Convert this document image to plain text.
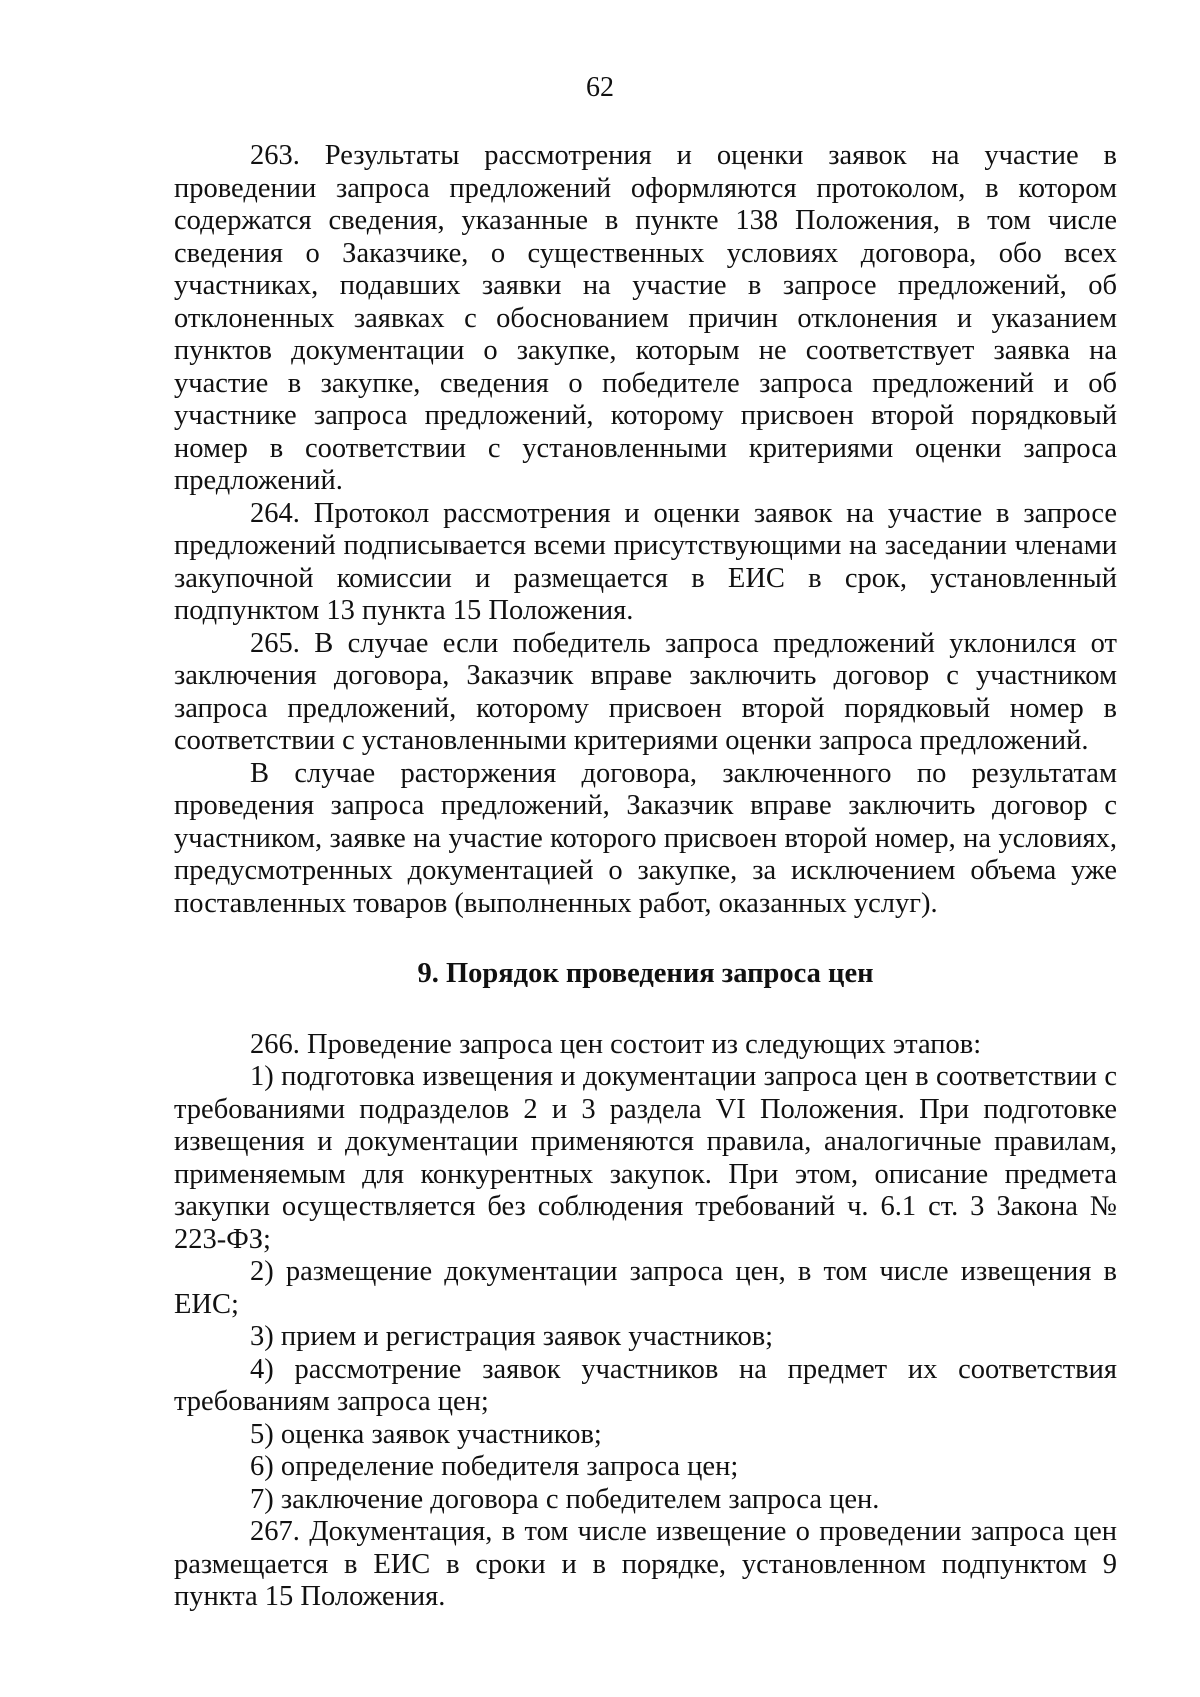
62

263. Результаты рассмотрения и оценки заявок на участие в проведении запроса предложений оформляются протоколом, в котором содержатся сведения, указанные в пункте 138 Положения, в том числе сведения о Заказчике, о существенных условиях договора, обо всех участниках, подавших заявки на участие в запросе предложений, об отклоненных заявках с обоснованием причин отклонения и указанием пунктов документации о закупке, которым не соответствует заявка на участие в закупке, сведения о победителе запроса предложений и об участнике запроса предложений, которому присвоен второй порядковый номер в соответствии с установленными критериями оценки запроса предложений.

264. Протокол рассмотрения и оценки заявок на участие в запросе предложений подписывается всеми присутствующими на заседании членами закупочной комиссии и размещается в ЕИС в срок, установленный подпунктом 13 пункта 15 Положения.

265. В случае если победитель запроса предложений уклонился от заключения договора, Заказчик вправе заключить договор с участником запроса предложений, которому присвоен второй порядковый номер в соответствии с установленными критериями оценки запроса предложений.

В случае расторжения договора, заключенного по результатам проведения запроса предложений, Заказчик вправе заключить договор с участником, заявке на участие которого присвоен второй номер, на условиях, предусмотренных документацией о закупке, за исключением объема уже поставленных товаров (выполненных работ, оказанных услуг).

9. Порядок проведения запроса цен

266. Проведение запроса цен состоит из следующих этапов:

1) подготовка извещения и документации запроса цен в соответствии с требованиями подразделов 2 и 3 раздела VI Положения. При подготовке извещения и документации применяются правила, аналогичные правилам, применяемым для конкурентных закупок. При этом, описание предмета закупки осуществляется без соблюдения требований ч. 6.1 ст. 3 Закона № 223-ФЗ;

2) размещение документации запроса цен, в том числе извещения в ЕИС;

3) прием и регистрация заявок участников;

4) рассмотрение заявок участников на предмет их соответствия требованиям запроса цен;

5) оценка заявок участников;

6) определение победителя запроса цен;

7) заключение договора с победителем запроса цен.

267. Документация, в том числе извещение о проведении запроса цен размещается в ЕИС в сроки и в порядке, установленном подпунктом 9 пункта 15 Положения.
